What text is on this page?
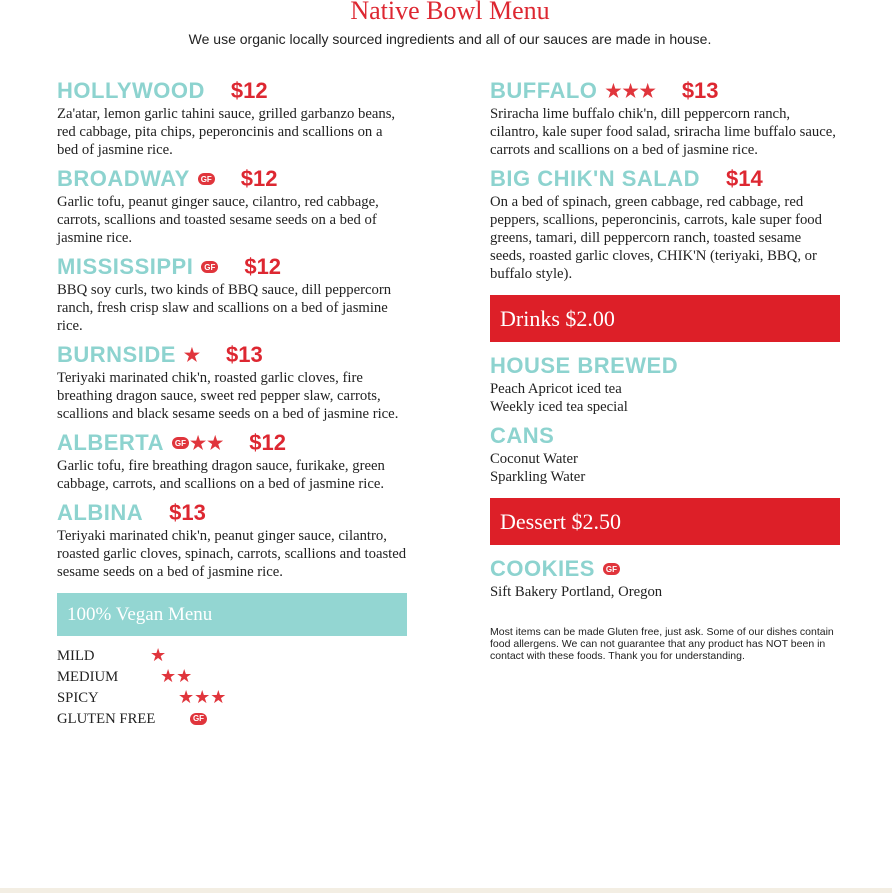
Native Bowl Menu
We use organic locally sourced ingredients and all of our sauces are made in house.
HOLLYWOOD $12
Za'atar, lemon garlic tahini sauce, grilled garbanzo beans, red cabbage, pita chips, peperoncinis and scallions on a bed of jasmine rice.
BROADWAY	GF $12
Garlic tofu, peanut ginger sauce, cilantro, red cabbage, carrots, scallions and toasted sesame seeds on a bed of jasmine rice.
MISSISSIPPI	GF $12
BBQ soy curls, two kinds of BBQ sauce, dill peppercorn ranch, fresh crisp slaw and scallions on a bed of jasmine rice.
BURNSIDE ★ $13
Teriyaki marinated chik'n, roasted garlic cloves, fire breathing dragon sauce, sweet red pepper slaw, carrots, scallions and black sesame seeds on a bed of jasmine rice.
ALBERTA	GF ★ ★ $12
Garlic tofu, fire breathing dragon sauce, furikake, green cabbage, carrots, and scallions on a bed of jasmine rice.
ALBINA $13
Teriyaki marinated chik'n, peanut ginger sauce, cilantro, roasted garlic cloves, spinach, carrots, scallions and toasted sesame seeds on a bed of jasmine rice.
100% Vegan Menu
MILD	★
MEDIUM ★★
SPICY	★★★
GLUTEN FREE	GF
BUFFALO ★ ★ ★ $13
Sriracha lime buffalo chik'n, dill peppercorn ranch, cilantro, kale super food salad, sriracha lime buffalo sauce, carrots and scallions on a bed of jasmine rice.
BIG CHIK'N SALAD $14
On a bed of spinach, green cabbage, red cabbage, red peppers, scallions, peperoncinis, carrots, kale super food greens, tamari, dill peppercorn ranch, toasted sesame seeds, roasted garlic cloves, CHIK'N (teriyaki, BBQ, or buffalo style).
Drinks $2.00
HOUSE BREWED
Peach Apricot iced tea
Weekly iced tea special
CANS
Coconut Water
Sparkling Water
Dessert $2.50
COOKIES	GF
Sift Bakery Portland, Oregon
Most items can be made Gluten free, just ask. Some of our dishes contain food allergens. We can not guarantee that any product has NOT been in contact with these foods. Thank you for understanding.
